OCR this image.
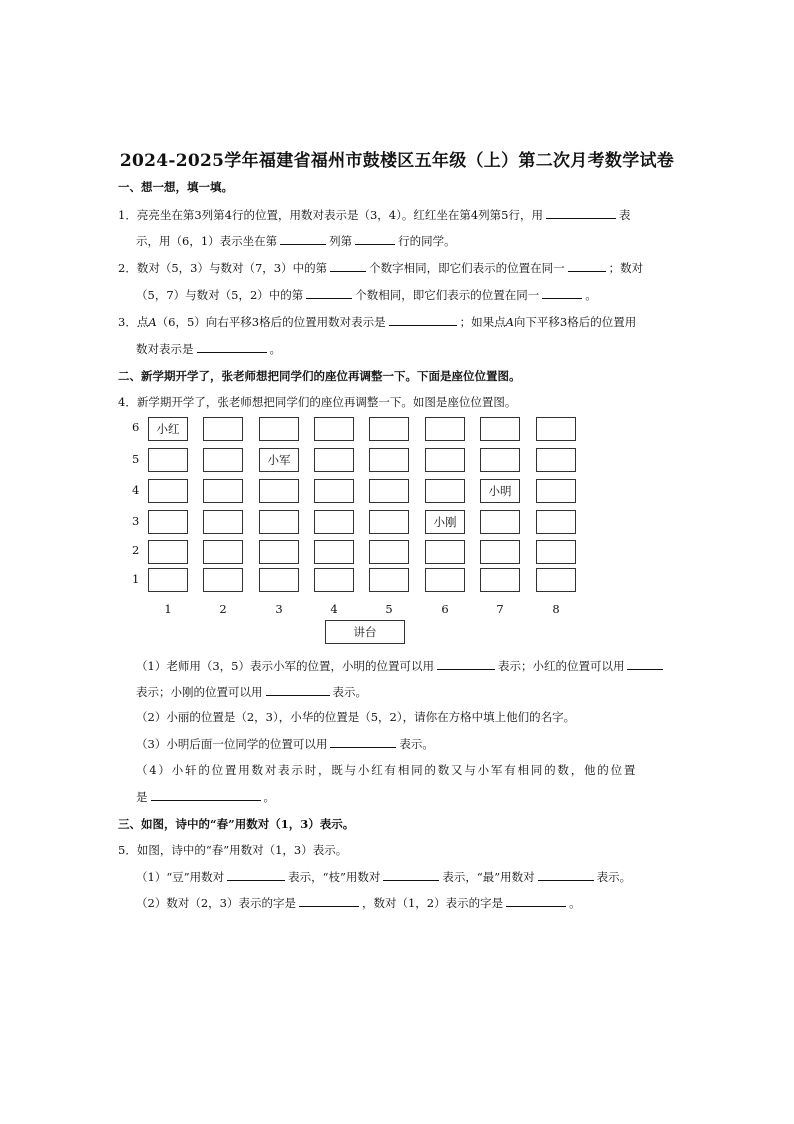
2024-2025学年福建省福州市鼓楼区五年级（上）第二次月考数学试卷
一、想一想，填一填。
1．亮亮坐在第3列第4行的位置，用数对表示是（3，4）。红红坐在第4列第5行，用	表
示，用（6，1）表示坐在第	列第	行的同学。
2．数对（5，3）与数对（7，3）中的第	个数字相同，即它们表示的位置在同一	；数对
（5，7）与数对（5，2）中的第	个数相同，即它们表示的位置在同一	。
3．点A（6，5）向右平移3格后的位置用数对表示是	；如果点A向下平移3格后的位置用
数对表示是	。
二、新学期开学了，张老师想把同学们的座位再调整一下。下面是座位位置图。
4．新学期开学了，张老师想把同学们的座位再调整一下。如图是座位位置图。
6
5
4
3
2
1
小红
小军
小明
小刚
1	2	3	4	5	6	7	8
讲台
（1）老师用（3，5）表示小军的位置，小明的位置可以用	表示；小红的位置可以用
表示；小刚的位置可以用	表示。
（2）小丽的位置是（2，3），小华的位置是（5，2），请你在方格中填上他们的名字。
（3）小明后面一位同学的位置可以用	表示。
（4）小轩的位置用数对表示时，既与小红有相同的数又与小军有相同的数，他的位置
是	。
三、如图，诗中的“春”用数对（1，3）表示。
5．如图，诗中的“春”用数对（1，3）表示。
（1）“豆”用数对	表示，“枝”用数对	表示，“最”用数对	表示。
（2）数对（2，3）表示的字是	，数对（1，2）表示的字是	。
